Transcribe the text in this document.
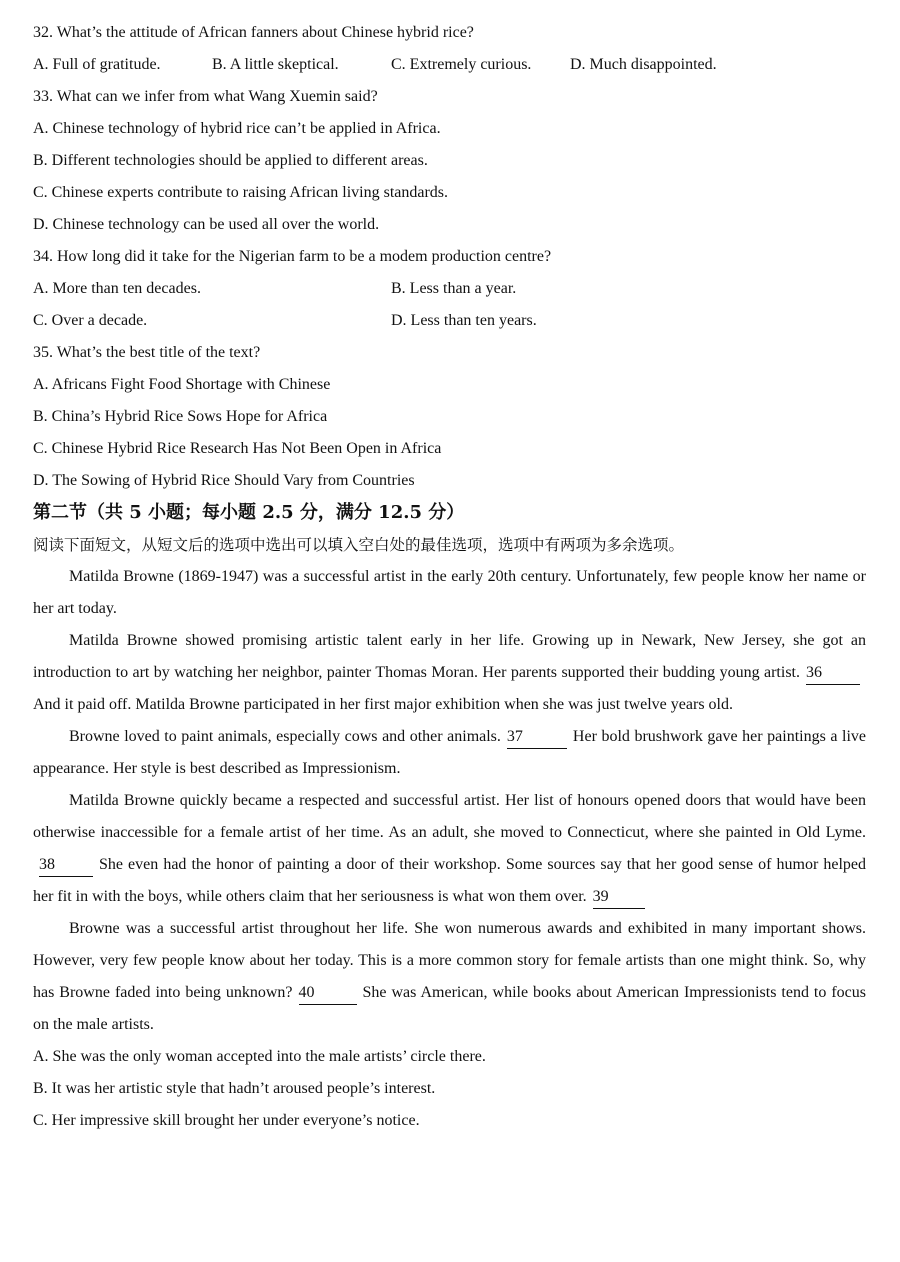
32. What’s the attitude of African fanners about Chinese hybrid rice?
A. Full of gratitude.	B. A little skeptical.	C. Extremely curious. D. Much disappointed.
33. What can we infer from what Wang Xuemin said?
A. Chinese technology of hybrid rice can’t be applied in Africa.
B. Different technologies should be applied to different areas.
C. Chinese experts contribute to raising African living standards.
D. Chinese technology can be used all over the world.
34. How long did it take for the Nigerian farm to be a modem production centre?
A. More than ten decades.	B. Less than a year.
C. Over a decade.	D. Less than ten years.
35. What’s the best title of the text?
A. Africans Fight Food Shortage with Chinese
B. China’s Hybrid Rice Sows Hope for Africa
C. Chinese Hybrid Rice Research Has Not Been Open in Africa
D. The Sowing of Hybrid Rice Should Vary from Countries
第二节（共 5 小题；每小题 2.5 分，满分 12.5 分）
阅读下面短文，从短文后的选项中选出可以填入空白处的最佳选项，选项中有两项为多余选项。

Matilda Browne (1869-1947) was a successful artist in the early 20th century. Unfortunately, few people know her name or her art today.

Matilda Browne showed promising artistic talent early in her life. Growing up in Newark, New Jersey, she got an introduction to art by watching her neighbor, painter Thomas Moran. Her parents supported their budding young artist. 36And it paid off. Matilda Browne participated in her first major exhibition when she was just twelve years old.

Browne loved to paint animals, especially cows and other animals. 37	Her bold brushwork gave her paintings a live appearance. Her style is best described as Impressionism.

Matilda Browne quickly became a respected and successful artist. Her list of honours opened doors that would have been otherwise inaccessible for a female artist of her time. As an adult, she moved to Connecticut, where she painted in Old Lyme.38	She even had the honor of painting a door of their workshop. Some sources say that her good sense of humor helped her fit in with the boys, while others claim that her seriousness is what won them over. 39

Browne was a successful artist throughout her life. She won numerous awards and exhibited in many important shows. However, very few people know about her today. This is a more common story for female artists than one might think. So, why has Browne faded into being unknown? 40	She was American, while books about American Impressionists tend to focus on the male artists.

A. She was the only woman accepted into the male artists’ circle there.
B. It was her artistic style that hadn’t aroused people’s interest.
C. Her impressive skill brought her under everyone’s notice.
